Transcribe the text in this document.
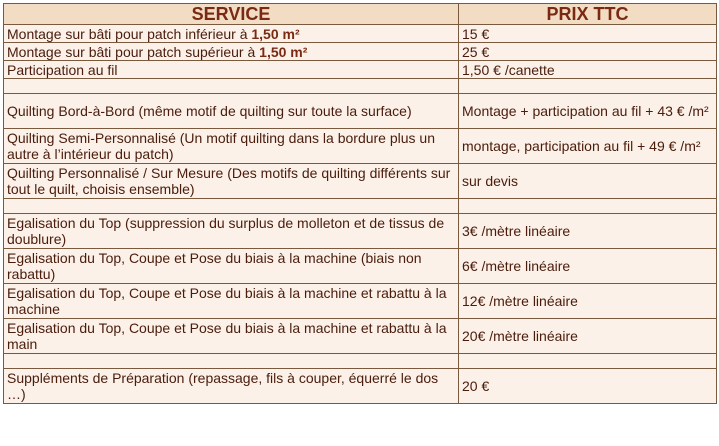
SERVICE	PRIX TTC
Montage sur bâti pour patch inférieur à 1,50 m²	15 €
Montage sur bâti pour patch supérieur à 1,50 m²	25 €
Participation au fil	1,50 € /canette

Quilting Bord-à-Bord (même motif de quilting sur toute la surface)	Montage + participation au fil + 43 € /m²
Quilting Semi-Personnalisé (Un motif quilting dans la bordure plus un autre à l’intérieur du patch)	montage, participation au fil + 49 € /m²
Quilting Personnalisé / Sur Mesure (Des motifs de quilting différents sur tout le quilt, choisis ensemble)	sur devis

Egalisation du Top (suppression du surplus de molleton et de tissus de doublure)	3€ /mètre linéaire
Egalisation du Top, Coupe et Pose du biais à la machine (biais non rabattu)	6€ /mètre linéaire
Egalisation du Top, Coupe et Pose du biais à la machine et rabattu à la machine	12€ /mètre linéaire
Egalisation du Top, Coupe et Pose du biais à la machine et rabattu à la main	20€ /mètre linéaire

Suppléments de Préparation (repassage, fils à couper, équerré le dos …)	20 €
